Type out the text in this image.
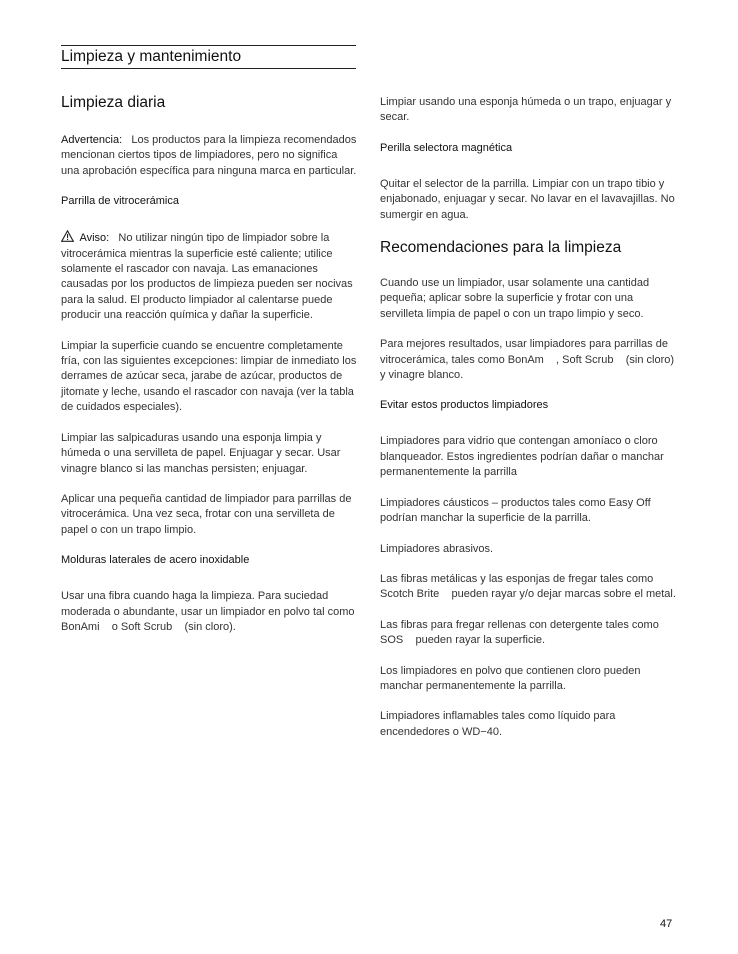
Limpieza y mantenimiento
Limpieza diaria

Advertencia: Los productos para la limpieza recomendados mencionan ciertos tipos de limpiadores, pero no significa una aprobación específica para ninguna marca en particular.

Parrilla de vitrocerámica

Aviso: No utilizar ningún tipo de limpiador sobre la vitrocerámica mientras la superficie esté caliente; utilice solamente el rascador con navaja. Las emanaciones causadas por los productos de limpieza pueden ser nocivas para la salud. El producto limpiador al calentarse puede producir una reacción química y dañar la superficie.

Limpiar la superficie cuando se encuentre completamente fría, con las siguientes excepciones: limpiar de inmediato los derrames de azúcar seca, jarabe de azúcar, productos de jitomate y leche, usando el rascador con navaja (ver la tabla de cuidados especiales).

Limpiar las salpicaduras usando una esponja limpia y húmeda o una servilleta de papel. Enjuagar y secar. Usar vinagre blanco si las manchas persisten; enjuagar.

Aplicar una pequeña cantidad de limpiador para parrillas de vitrocerámica. Una vez seca, frotar con una servilleta de papel o con un trapo limpio.

Molduras laterales de acero inoxidable

Usar una fibra cuando haga la limpieza. Para suciedad moderada o abundante, usar un limpiador en polvo tal como BonAmi    o Soft Scrub    (sin cloro).

Limpiar usando una esponja húmeda o un trapo, enjuagar y secar.

Perilla selectora magnética

Quitar el selector de la parrilla. Limpiar con un trapo tibio y enjabonado, enjuagar y secar. No lavar en el lavavajillas. No sumergir en agua.

Recomendaciones para la limpieza

Cuando use un limpiador, usar solamente una cantidad pequeña; aplicar sobre la superficie y frotar con una servilleta limpia de papel o con un trapo limpio y seco.

Para mejores resultados, usar limpiadores para parrillas de vitrocerámica, tales como BonAm    , Soft Scrub    (sin cloro) y vinagre blanco.

Evitar estos productos limpiadores

Limpiadores para vidrio que contengan amoníaco o cloro blanqueador. Estos ingredientes podrían dañar o manchar permanentemente la parrilla

Limpiadores cáusticos – productos tales como Easy Off    podrían manchar la superficie de la parrilla.

Limpiadores abrasivos.

Las fibras metálicas y las esponjas de fregar tales como Scotch Brite    pueden rayar y/o dejar marcas sobre el metal.

Las fibras para fregar rellenas con detergente tales como SOS    pueden rayar la superficie.

Los limpiadores en polvo que contienen cloro pueden manchar permanentemente la parrilla.

Limpiadores inflamables tales como líquido para encendedores o WD−40.

47
